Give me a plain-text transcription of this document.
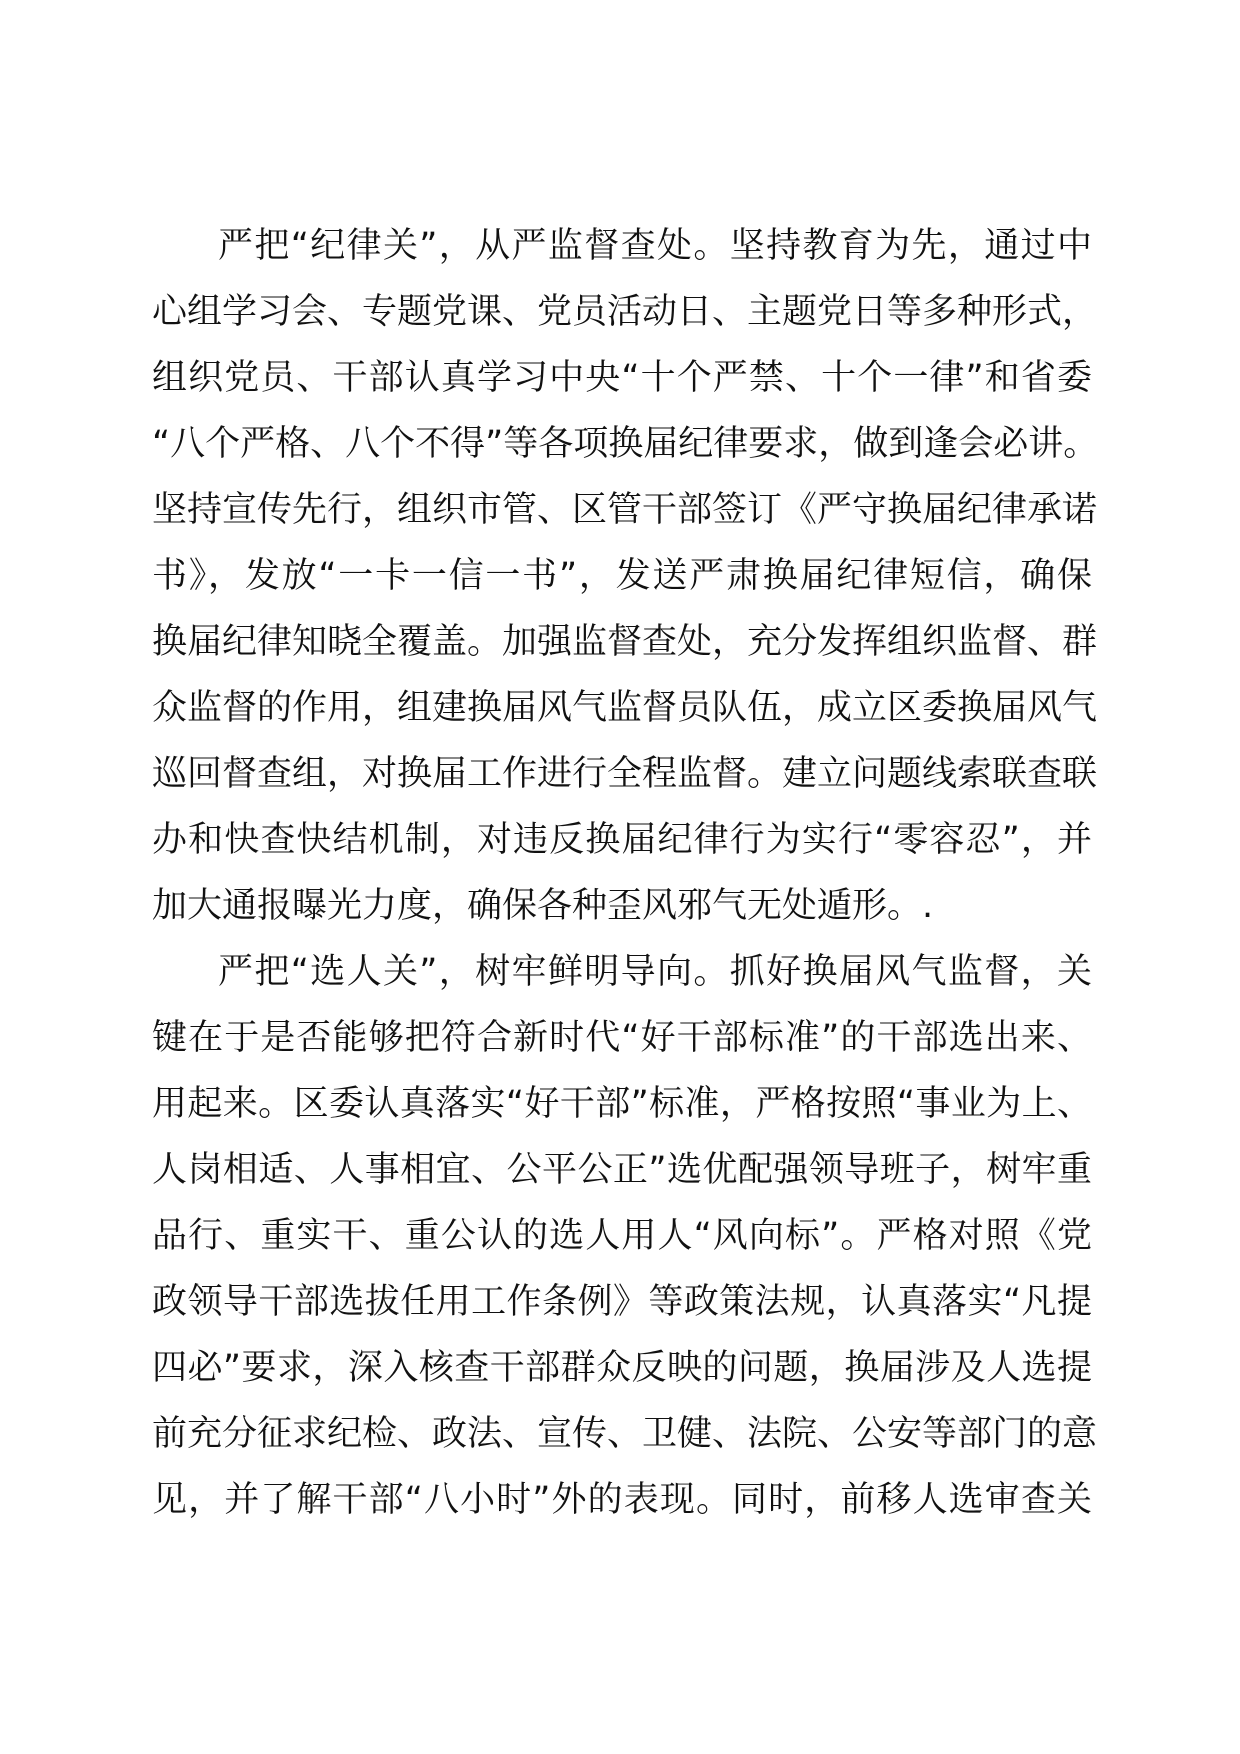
严把“纪律关”，从严监督查处。坚持教育为先，通过中
心组学习会、专题党课、党员活动日、主题党日等多种形式，
组织党员、干部认真学习中央“十个严禁、十个一律”和省委
“八个严格、八个不得”等各项换届纪律要求，做到逢会必讲。
坚持宣传先行，组织市管、区管干部签订《严守换届纪律承诺
书》，发放“一卡一信一书”，发送严肃换届纪律短信，确保
换届纪律知晓全覆盖。加强监督查处，充分发挥组织监督、群
众监督的作用，组建换届风气监督员队伍，成立区委换届风气
巡回督查组，对换届工作进行全程监督。建立问题线索联查联
办和快查快结机制，对违反换届纪律行为实行“零容忍”，并
加大通报曝光力度，确保各种歪风邪气无处遁形。.
严把“选人关”，树牢鲜明导向。抓好换届风气监督，关
键在于是否能够把符合新时代“好干部标准”的干部选出来、
用起来。区委认真落实“好干部”标准，严格按照“事业为上、
人岗相适、人事相宜、公平公正”选优配强领导班子，树牢重
品行、重实干、重公认的选人用人“风向标”。严格对照《党
政领导干部选拔任用工作条例》等政策法规，认真落实“凡提
四必”要求，深入核查干部群众反映的问题，换届涉及人选提
前充分征求纪检、政法、宣传、卫健、法院、公安等部门的意
见，并了解干部“八小时”外的表现。同时，前移人选审查关
